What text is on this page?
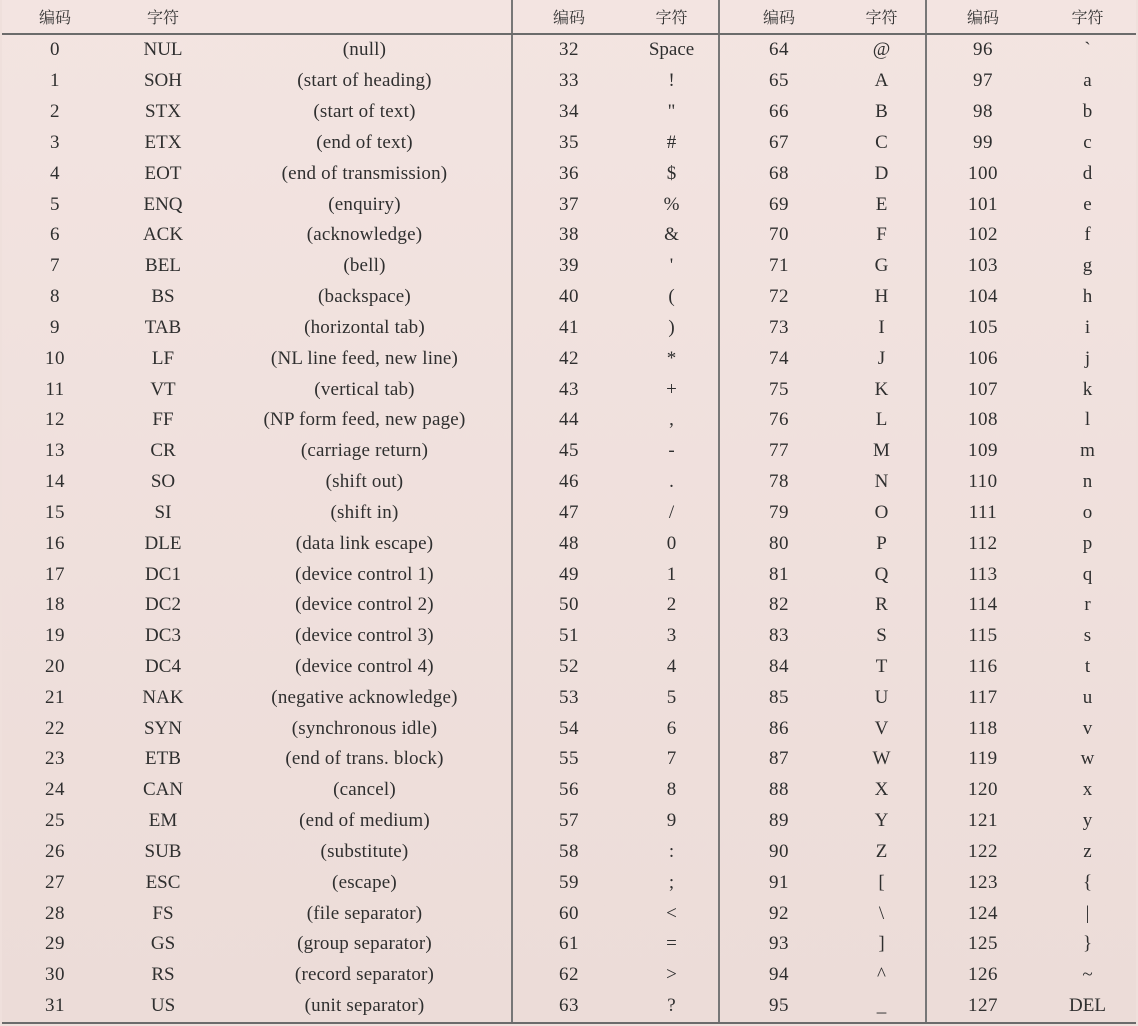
编码	字符		编码	字符	编码	字符	编码	字符
0	NUL	(null)	32	Space	64	@	96	`
1	SOH	(start of heading)	33	!	65	A	97	a
2	STX	(start of text)	34	"	66	B	98	b
3	ETX	(end of text)	35	#	67	C	99	c
4	EOT	(end of transmission)	36	$	68	D	100	d
5	ENQ	(enquiry)	37	%	69	E	101	e
6	ACK	(acknowledge)	38	&	70	F	102	f
7	BEL	(bell)	39	'	71	G	103	g
8	BS	(backspace)	40	(	72	H	104	h
9	TAB	(horizontal tab)	41	)	73	I	105	i
10	LF	(NL line feed, new line)	42	*	74	J	106	j
11	VT	(vertical tab)	43	+	75	K	107	k
12	FF	(NP form feed, new page)	44	,	76	L	108	l
13	CR	(carriage return)	45	-	77	M	109	m
14	SO	(shift out)	46	.	78	N	110	n
15	SI	(shift in)	47	/	79	O	111	o
16	DLE	(data link escape)	48	0	80	P	112	p
17	DC1	(device control 1)	49	1	81	Q	113	q
18	DC2	(device control 2)	50	2	82	R	114	r
19	DC3	(device control 3)	51	3	83	S	115	s
20	DC4	(device control 4)	52	4	84	T	116	t
21	NAK	(negative acknowledge)	53	5	85	U	117	u
22	SYN	(synchronous idle)	54	6	86	V	118	v
23	ETB	(end of trans. block)	55	7	87	W	119	w
24	CAN	(cancel)	56	8	88	X	120	x
25	EM	(end of medium)	57	9	89	Y	121	y
26	SUB	(substitute)	58	:	90	Z	122	z
27	ESC	(escape)	59	;	91	[	123	{
28	FS	(file separator)	60	<	92	\	124	|
29	GS	(group separator)	61	=	93	]	125	}
30	RS	(record separator)	62	>	94	^	126	~
31	US	(unit separator)	63	?	95	_	127	DEL
